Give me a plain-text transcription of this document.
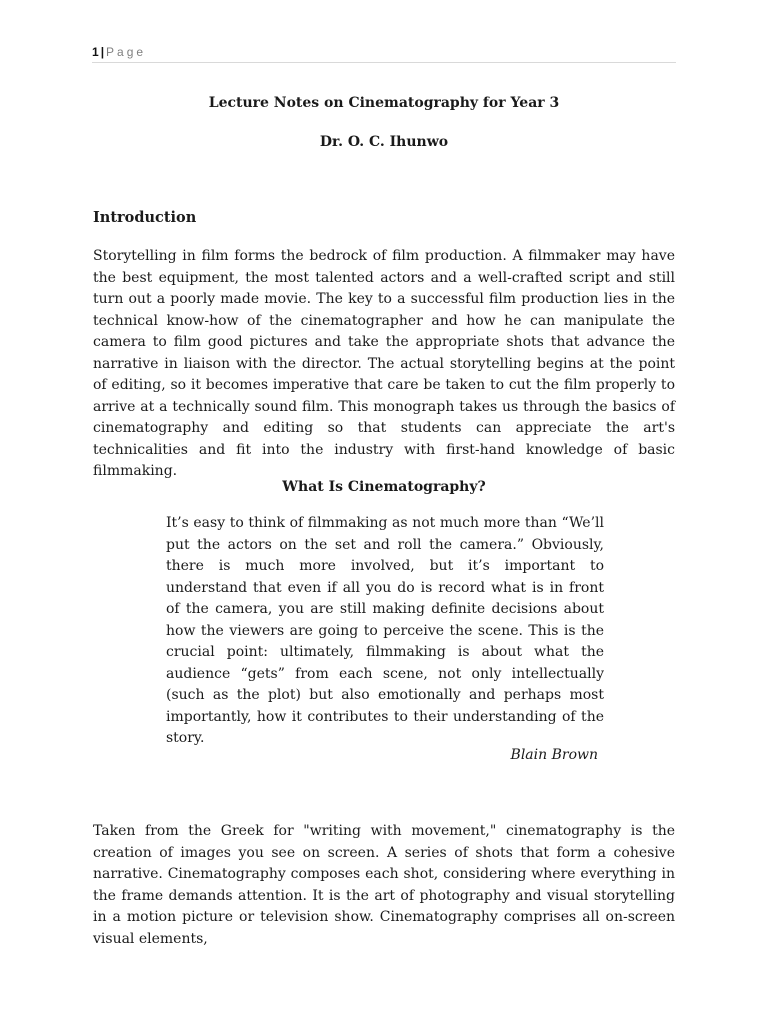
1 | Page
Lecture Notes on Cinematography for Year 3
Dr. O. C. Ihunwo
Introduction

Storytelling in film forms the bedrock of film production. A filmmaker may have the best equipment, the most talented actors and a well-crafted script and still turn out a poorly made movie. The key to a successful film production lies in the technical know-how of the cinematographer and how he can manipulate the camera to film good pictures and take the appropriate shots that advance the narrative in liaison with the director. The actual storytelling begins at the point of editing, so it becomes imperative that care be taken to cut the film properly to arrive at a technically sound film. This monograph takes us through the basics of cinematography and editing so that students can appreciate the art's technicalities and fit into the industry with first-hand knowledge of basic filmmaking.

What Is Cinematography?

It’s easy to think of filmmaking as not much more than “We’ll put the actors on the set and roll the camera.” Obviously, there is much more involved, but it’s important to understand that even if all you do is record what is in front of the camera, you are still making definite decisions about how the viewers are going to perceive the scene. This is the crucial point: ultimately, filmmaking is about what the audience “gets” from each scene, not only intellectually (such as the plot) but also emotionally and perhaps most importantly, how it contributes to their understanding of the story.

Blain Brown

Taken from the Greek for "writing with movement," cinematography is the creation of images you see on screen. A series of shots that form a cohesive narrative. Cinematography composes each shot, considering where everything in the frame demands attention. It is the art of photography and visual storytelling in a motion picture or television show. Cinematography comprises all on-screen visual elements,
